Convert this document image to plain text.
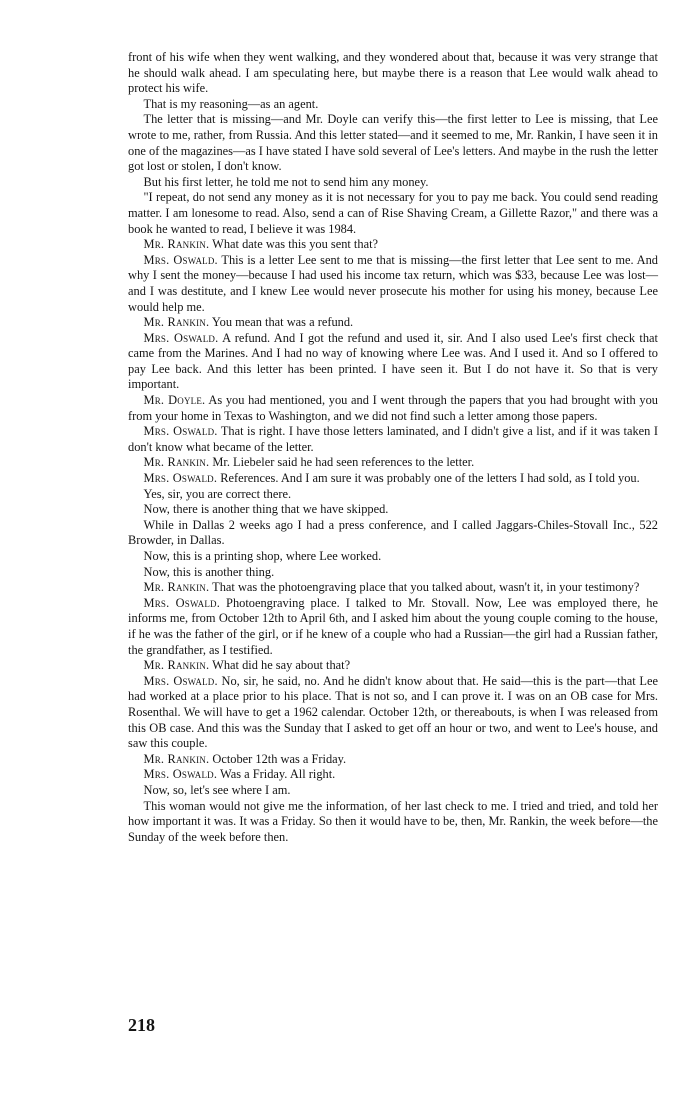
front of his wife when they went walking, and they wondered about that, because it was very strange that he should walk ahead. I am speculating here, but maybe there is a reason that Lee would walk ahead to protect his wife.

That is my reasoning—as an agent.

The letter that is missing—and Mr. Doyle can verify this—the first letter to Lee is missing, that Lee wrote to me, rather, from Russia. And this letter stated—and it seemed to me, Mr. Rankin, I have seen it in one of the magazines—as I have stated I have sold several of Lee's letters. And maybe in the rush the letter got lost or stolen, I don't know.

But his first letter, he told me not to send him any money.

"I repeat, do not send any money as it is not necessary for you to pay me back. You could send reading matter. I am lonesome to read. Also, send a can of Rise Shaving Cream, a Gillette Razor," and there was a book he wanted to read, I believe it was 1984.

Mr. Rankin. What date was this you sent that?

Mrs. Oswald. This is a letter Lee sent to me that is missing—the first letter that Lee sent to me. And why I sent the money—because I had used his income tax return, which was $33, because Lee was lost—and I was destitute, and I knew Lee would never prosecute his mother for using his money, because Lee would help me.

Mr. Rankin. You mean that was a refund.

Mrs. Oswald. A refund. And I got the refund and used it, sir. And I also used Lee's first check that came from the Marines. And I had no way of knowing where Lee was. And I used it. And so I offered to pay Lee back. And this letter has been printed. I have seen it. But I do not have it. So that is very important.

Mr. Doyle. As you had mentioned, you and I went through the papers that you had brought with you from your home in Texas to Washington, and we did not find such a letter among those papers.

Mrs. Oswald. That is right. I have those letters laminated, and I didn't give a list, and if it was taken I don't know what became of the letter.

Mr. Rankin. Mr. Liebeler said he had seen references to the letter.

Mrs. Oswald. References. And I am sure it was probably one of the letters I had sold, as I told you.

Yes, sir, you are correct there.

Now, there is another thing that we have skipped.

While in Dallas 2 weeks ago I had a press conference, and I called Jaggars-Chiles-Stovall Inc., 522 Browder, in Dallas.

Now, this is a printing shop, where Lee worked.

Now, this is another thing.

Mr. Rankin. That was the photoengraving place that you talked about, wasn't it, in your testimony?

Mrs. Oswald. Photoengraving place. I talked to Mr. Stovall. Now, Lee was employed there, he informs me, from October 12th to April 6th, and I asked him about the young couple coming to the house, if he was the father of the girl, or if he knew of a couple who had a Russian—the girl had a Russian father, the grandfather, as I testified.

Mr. Rankin. What did he say about that?

Mrs. Oswald. No, sir, he said, no. And he didn't know about that. He said—this is the part—that Lee had worked at a place prior to his place. That is not so, and I can prove it. I was on an OB case for Mrs. Rosenthal. We will have to get a 1962 calendar. October 12th, or thereabouts, is when I was released from this OB case. And this was the Sunday that I asked to get off an hour or two, and went to Lee's house, and saw this couple.

Mr. Rankin. October 12th was a Friday.

Mrs. Oswald. Was a Friday. All right.

Now, so, let's see where I am.

This woman would not give me the information, of her last check to me. I tried and tried, and told her how important it was. It was a Friday. So then it would have to be, then, Mr. Rankin, the week before—the Sunday of the week before then.

218
